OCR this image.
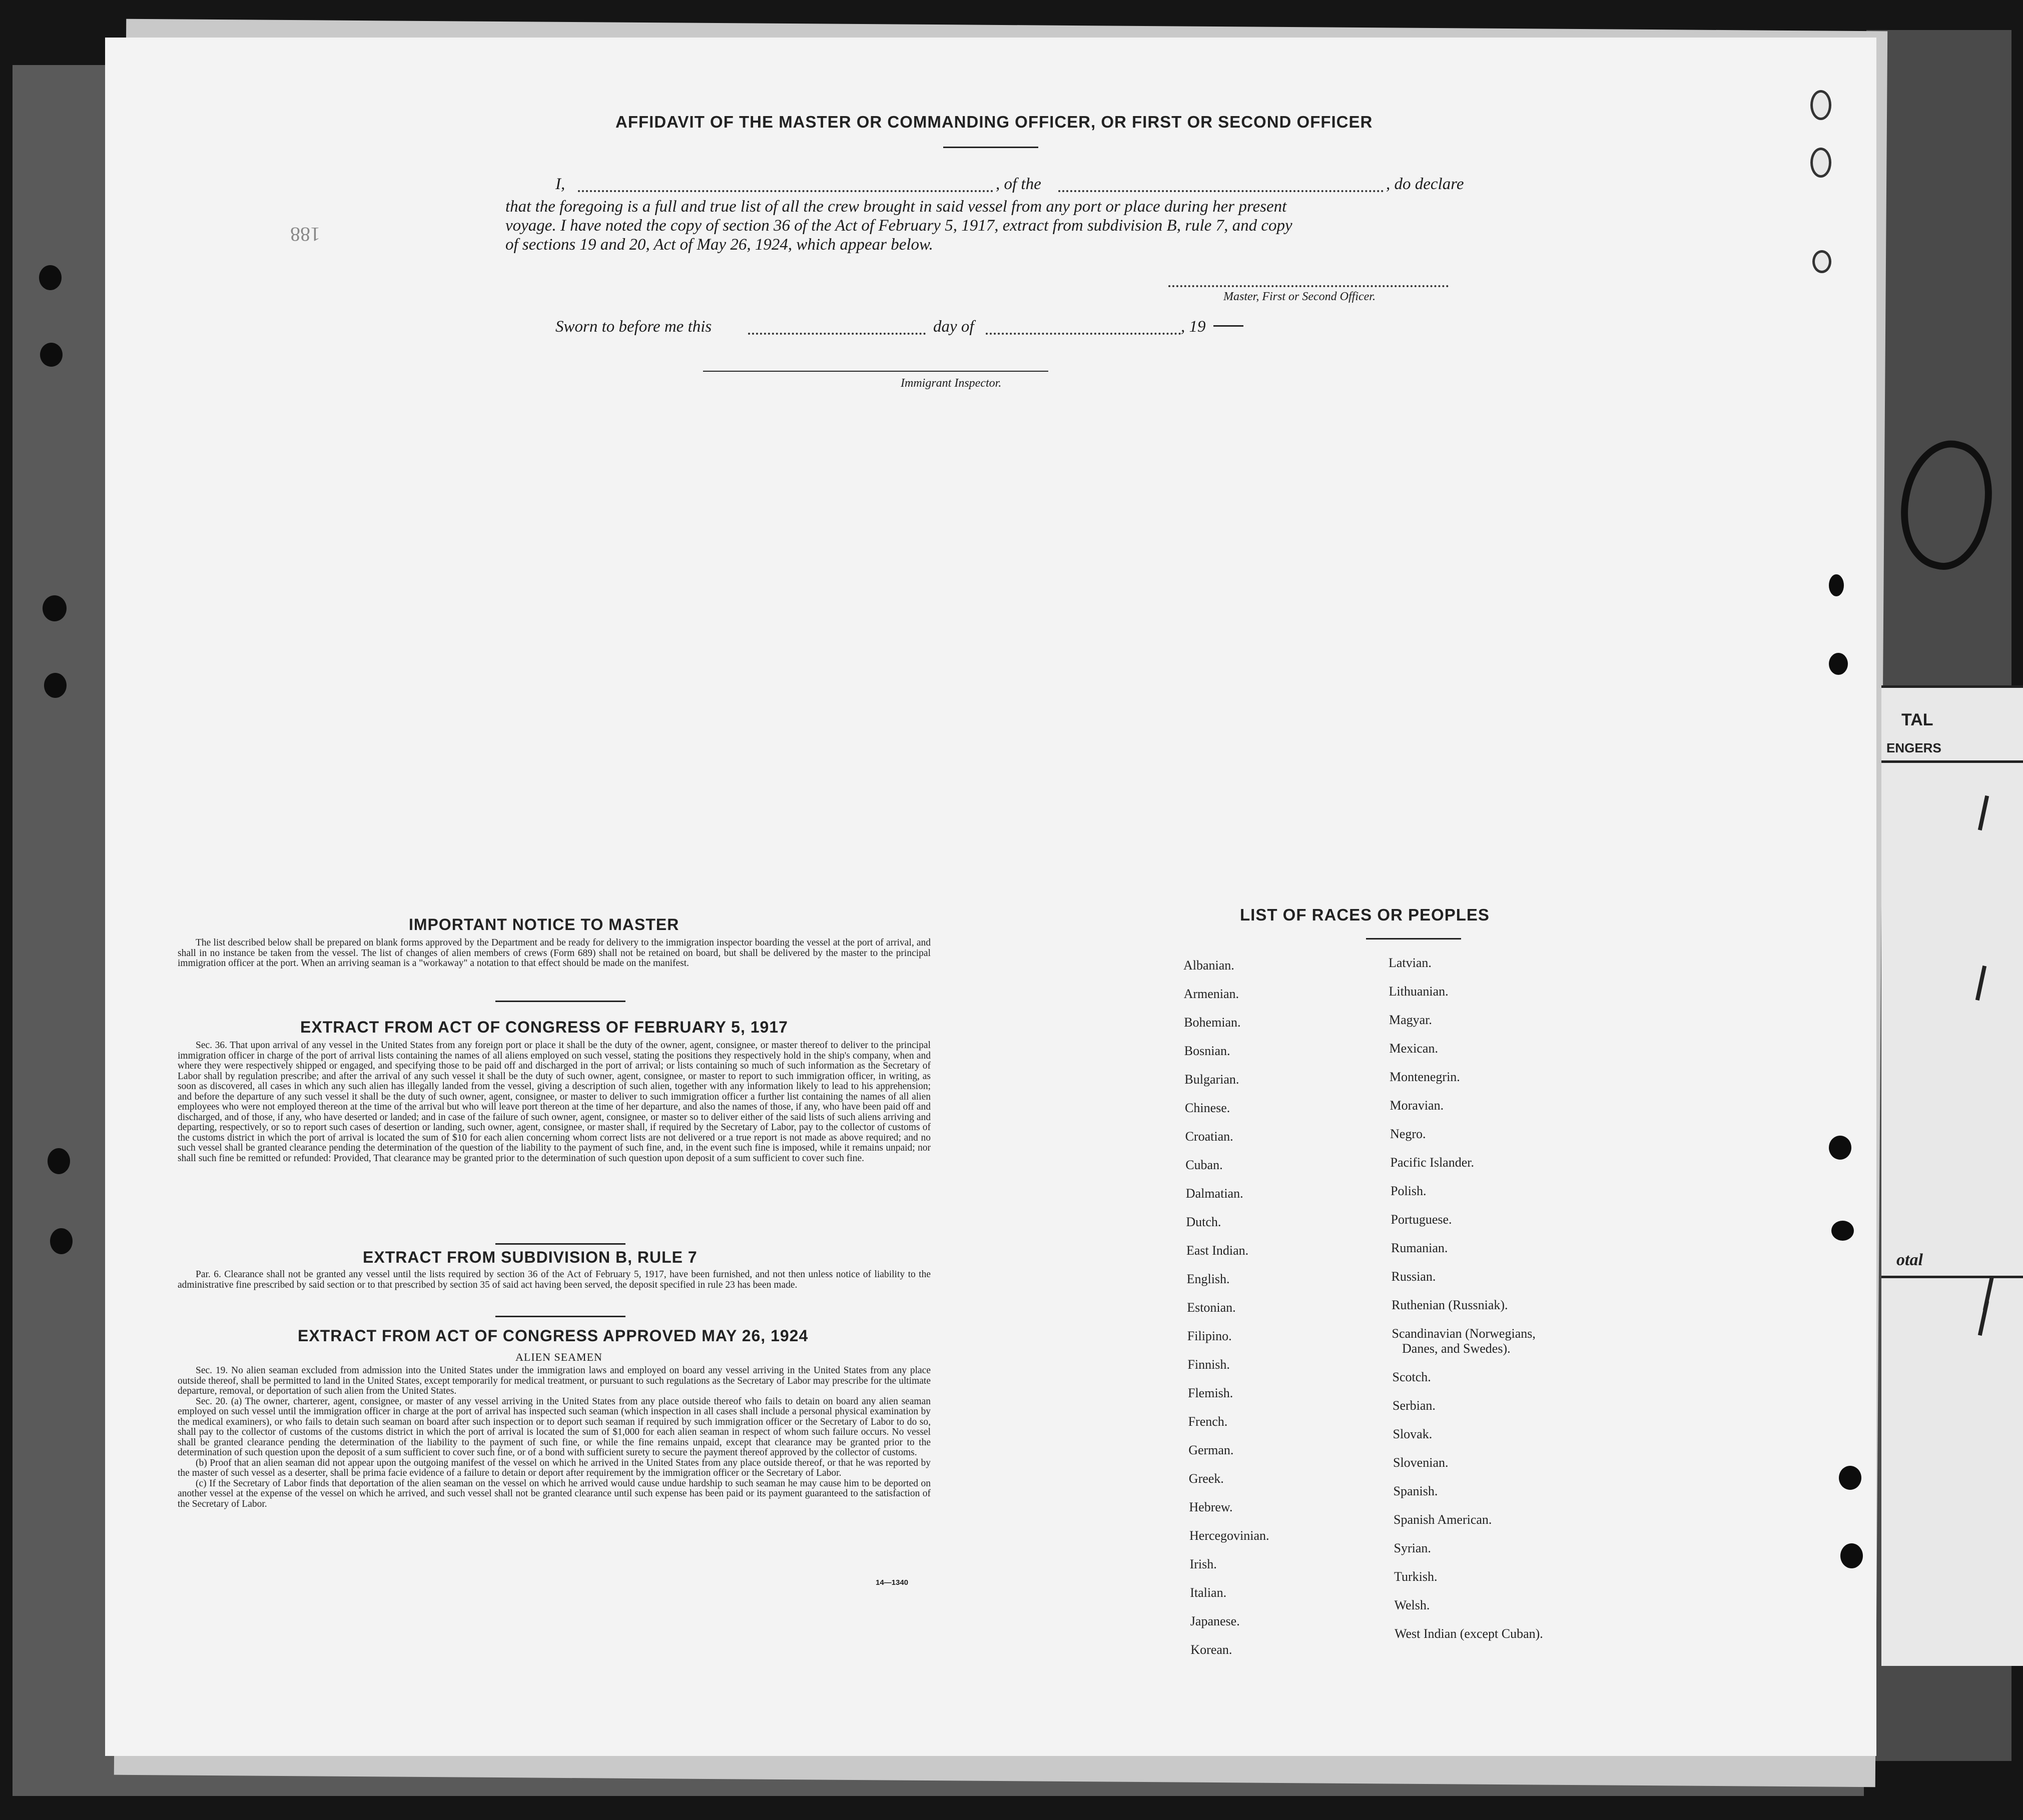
TAL
ENGERS
otal
188
AFFIDAVIT OF THE MASTER OR COMMANDING OFFICER, OR FIRST OR SECOND OFFICER
I,	, of the	, do declare
that the foregoing is a full and true list of all the crew brought in said vessel from any port or place during her present
voyage. I have noted the copy of section 36 of the Act of February 5, 1917, extract from subdivision B, rule 7, and copy
of sections 19 and 20, Act of May 26, 1924, which appear below.
Master, First or Second Officer.
Sworn to before me this	day of	, 19
Immigrant Inspector.
IMPORTANT NOTICE TO MASTER

The list described below shall be prepared on blank forms approved by the Department and be ready for delivery to the immigration inspector boarding the vessel at the port of arrival, and shall in no instance be taken from the vessel. The list of changes of alien members of crews (Form 689) shall not be retained on board, but shall be delivered by the master to the principal immigration officer at the port. When an arriving seaman is a "workaway" a notation to that effect should be made on the manifest.

EXTRACT FROM ACT OF CONGRESS OF FEBRUARY 5, 1917

Sec. 36. That upon arrival of any vessel in the United States from any foreign port or place it shall be the duty of the owner, agent, consignee, or master thereof to deliver to the principal immigration officer in charge of the port of arrival lists containing the names of all aliens employed on such vessel, stating the positions they respectively hold in the ship's company, when and where they were respectively shipped or engaged, and specifying those to be paid off and discharged in the port of arrival; or lists containing so much of such information as the Secretary of Labor shall by regulation prescribe; and after the arrival of any such vessel it shall be the duty of such owner, agent, consignee, or master to report to such immigration officer, in writing, as soon as discovered, all cases in which any such alien has illegally landed from the vessel, giving a description of such alien, together with any information likely to lead to his apprehension; and before the departure of any such vessel it shall be the duty of such owner, agent, consignee, or master to deliver to such immigration officer a further list containing the names of all alien employees who were not employed thereon at the time of the arrival but who will leave port thereon at the time of her departure, and also the names of those, if any, who have been paid off and discharged, and of those, if any, who have deserted or landed; and in case of the failure of such owner, agent, consignee, or master so to deliver either of the said lists of such aliens arriving and departing, respectively, or so to report such cases of desertion or landing, such owner, agent, consignee, or master shall, if required by the Secretary of Labor, pay to the collector of customs of the customs district in which the port of arrival is located the sum of $10 for each alien concerning whom correct lists are not delivered or a true report is not made as above required; and no such vessel shall be granted clearance pending the determination of the question of the liability to the payment of such fine, and, in the event such fine is imposed, while it remains unpaid; nor shall such fine be remitted or refunded: Provided, That clearance may be granted prior to the determination of such question upon deposit of a sum sufficient to cover such fine.

EXTRACT FROM SUBDIVISION B, RULE 7

Par. 6. Clearance shall not be granted any vessel until the lists required by section 36 of the Act of February 5, 1917, have been furnished, and not then unless notice of liability to the administrative fine prescribed by said section or to that prescribed by section 35 of said act having been served, the deposit specified in rule 23 has been made.

EXTRACT FROM ACT OF CONGRESS APPROVED MAY 26, 1924
ALIEN SEAMEN

Sec. 19. No alien seaman excluded from admission into the United States under the immigration laws and employed on board any vessel arriving in the United States from any place outside thereof, shall be permitted to land in the United States, except temporarily for medical treatment, or pursuant to such regulations as the Secretary of Labor may prescribe for the ultimate departure, removal, or deportation of such alien from the United States.

Sec. 20. (a) The owner, charterer, agent, consignee, or master of any vessel arriving in the United States from any place outside thereof who fails to detain on board any alien seaman employed on such vessel until the immigration officer in charge at the port of arrival has inspected such seaman (which inspection in all cases shall include a personal physical examination by the medical examiners), or who fails to detain such seaman on board after such inspection or to deport such seaman if required by such immigration officer or the Secretary of Labor to do so, shall pay to the collector of customs of the customs district in which the port of arrival is located the sum of $1,000 for each alien seaman in respect of whom such failure occurs. No vessel shall be granted clearance pending the determination of the liability to the payment of such fine, or while the fine remains unpaid, except that clearance may be granted prior to the determination of such question upon the deposit of a sum sufficient to cover such fine, or of a bond with sufficient surety to secure the payment thereof approved by the collector of customs.

(b) Proof that an alien seaman did not appear upon the outgoing manifest of the vessel on which he arrived in the United States from any place outside thereof, or that he was reported by the master of such vessel as a deserter, shall be prima facie evidence of a failure to detain or deport after requirement by the immigration officer or the Secretary of Labor.

(c) If the Secretary of Labor finds that deportation of the alien seaman on the vessel on which he arrived would cause undue hardship to such seaman he may cause him to be deported on another vessel at the expense of the vessel on which he arrived, and such vessel shall not be granted clearance until such expense has been paid or its payment guaranteed to the satisfaction of the Secretary of Labor.

14—1340
LIST OF RACES OR PEOPLES
Albanian.
Armenian.
Bohemian.
Bosnian.
Bulgarian.
Chinese.
Croatian.
Cuban.
Dalmatian.
Dutch.
East Indian.
English.
Estonian.
Filipino.
Finnish.
Flemish.
French.
German.
Greek.
Hebrew.
Hercegovinian.
Irish.
Italian.
Japanese.
Korean.
Latvian.
Lithuanian.
Magyar.
Mexican.
Montenegrin.
Moravian.
Negro.
Pacific Islander.
Polish.
Portuguese.
Rumanian.
Russian.
Ruthenian (Russniak).
Scandinavian (Norwegians,
Danes, and Swedes).
Scotch.
Serbian.
Slovak.
Slovenian.
Spanish.
Spanish American.
Syrian.
Turkish.
Welsh.
West Indian (except Cuban).
